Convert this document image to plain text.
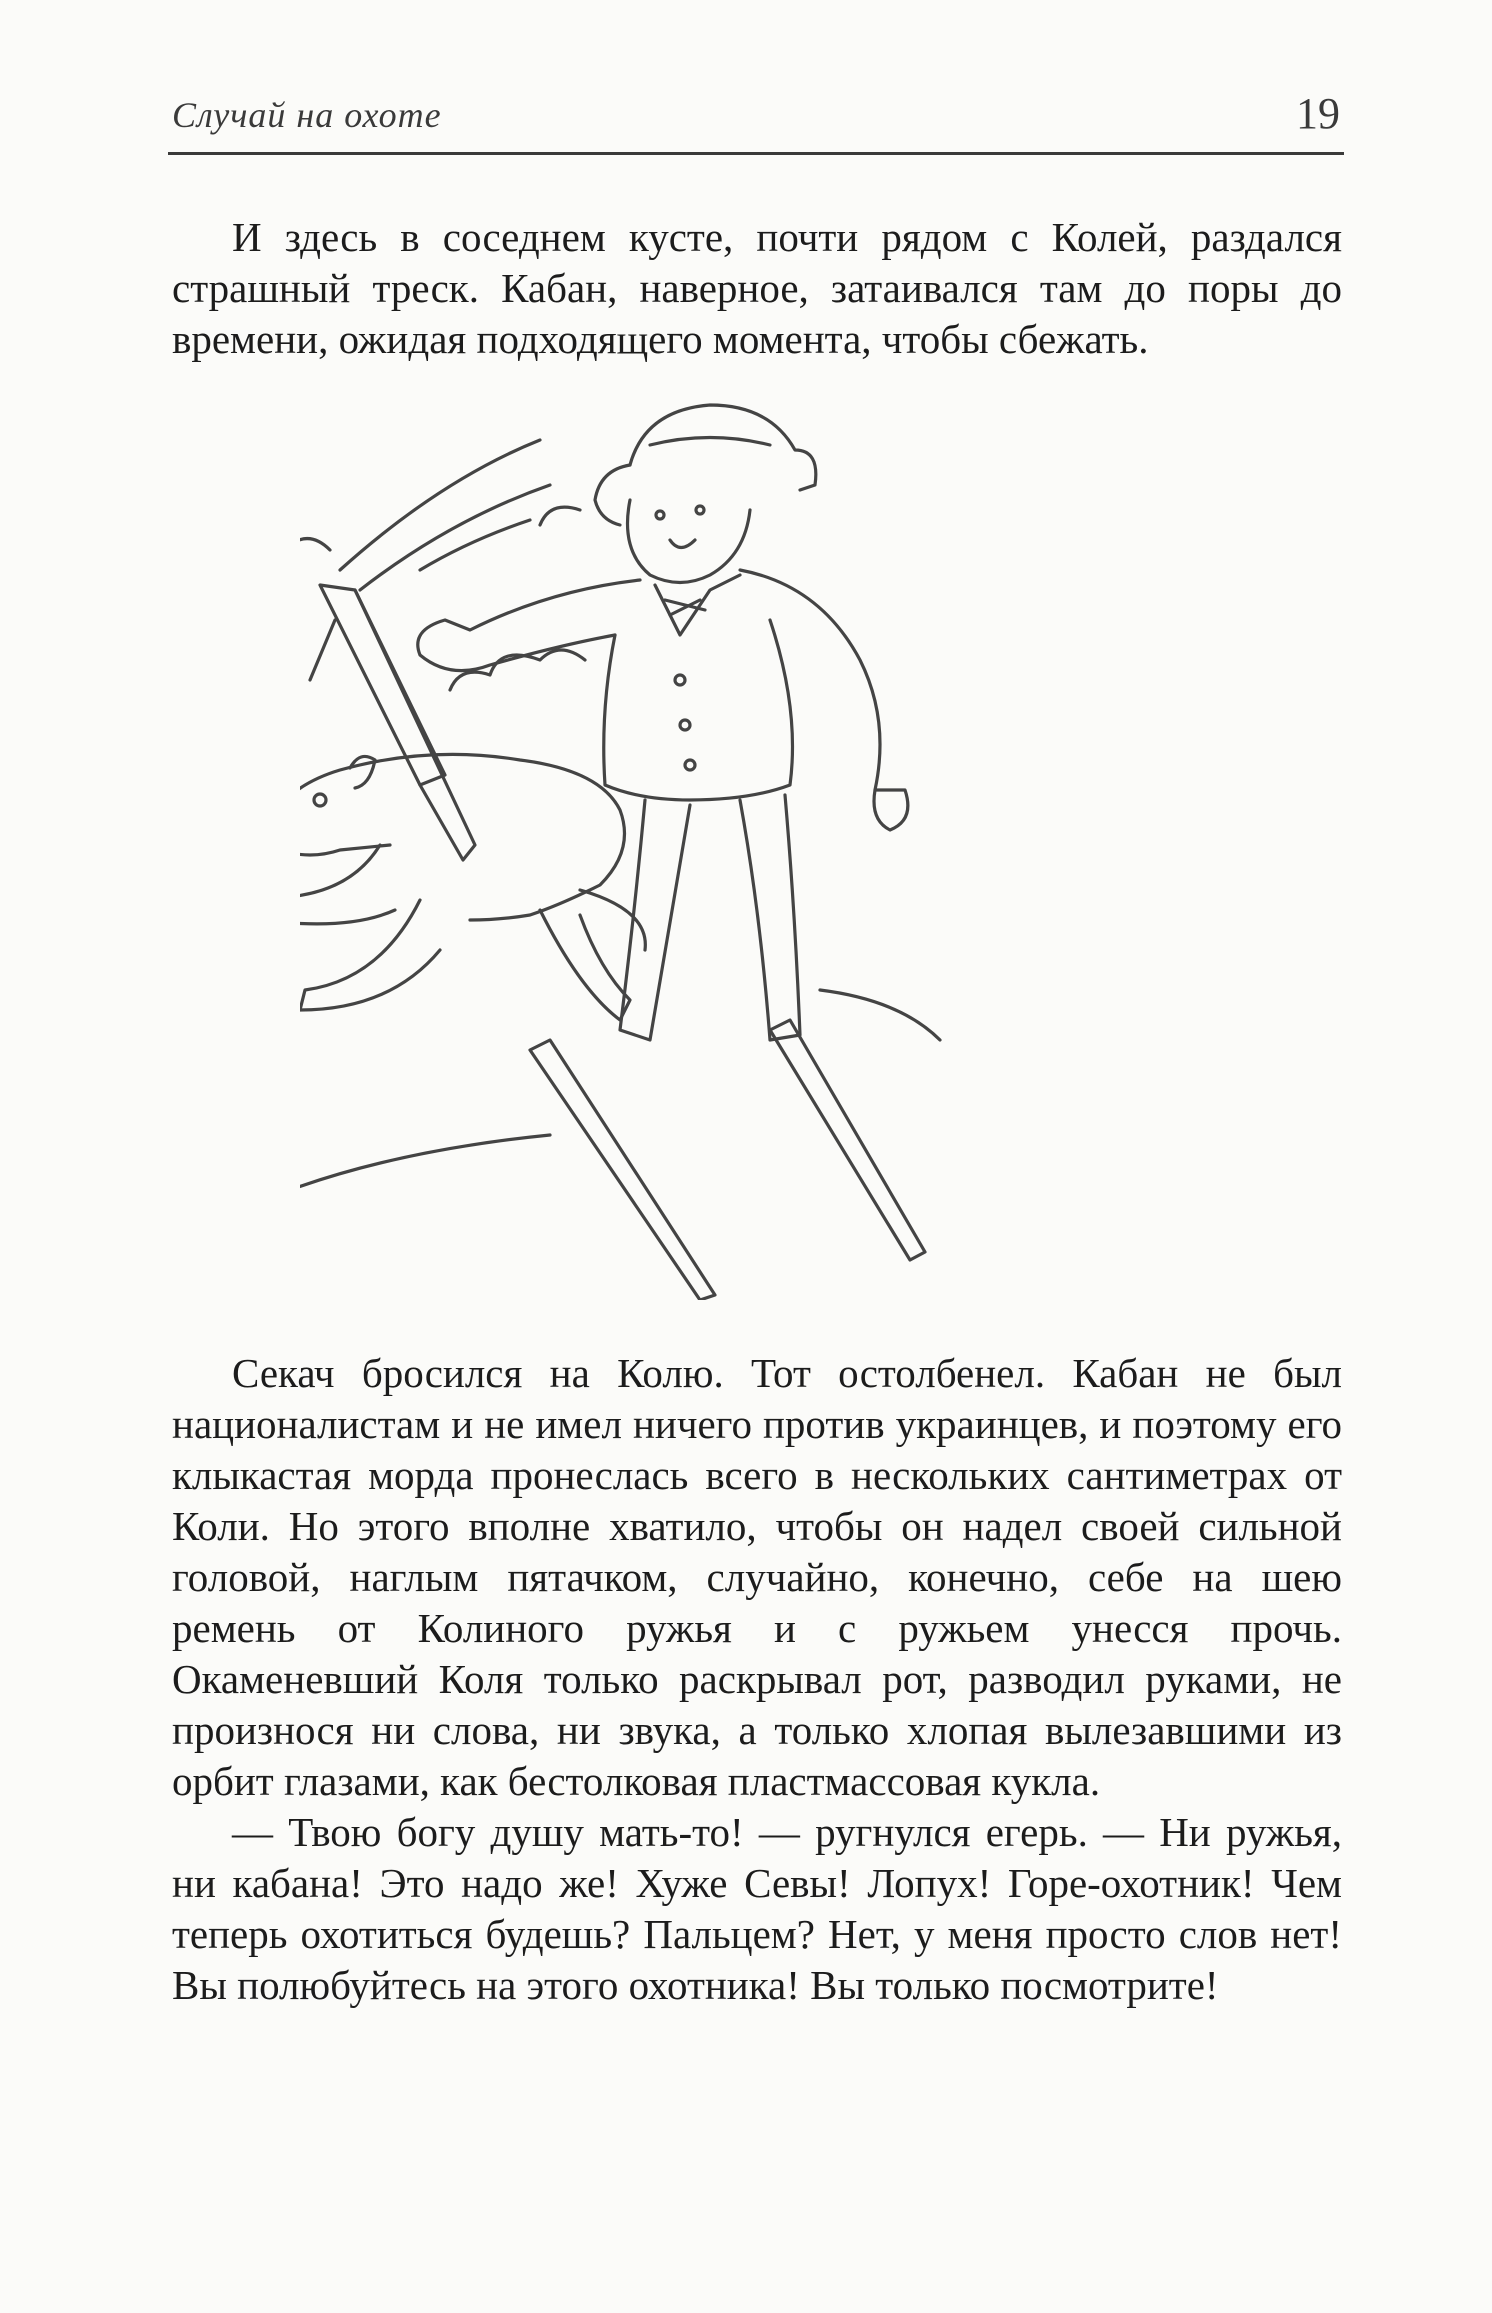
Случай на охоте	19

И здесь в соседнем кусте, почти рядом с Колей, раздался страшный треск. Кабан, наверное, затаивался там до поры до времени, ожидая подходящего момента, чтобы сбежать.

Секач бросился на Колю. Тот остолбенел. Кабан не был националистам и не имел ничего против украинцев, и поэтому его клыкастая морда пронеслась всего в нескольких сантиметрах от Коли. Но этого вполне хватило, чтобы он надел своей сильной головой, наглым пятачком, случайно, конечно, себе на шею ремень от Колиного ружья и с ружьем унесся прочь. Окаменевший Коля только раскрывал рот, разводил руками, не произнося ни слова, ни звука, а только хлопая вылезавшими из орбит глазами, как бестолковая пластмассовая кукла.

— Твою богу душу мать-то! — ругнулся егерь. — Ни ружья, ни кабана! Это надо же! Хуже Севы! Лопух! Горе-охотник! Чем теперь охотиться будешь? Пальцем? Нет, у меня просто слов нет! Вы полюбуйтесь на этого охотника! Вы только посмотрите!
